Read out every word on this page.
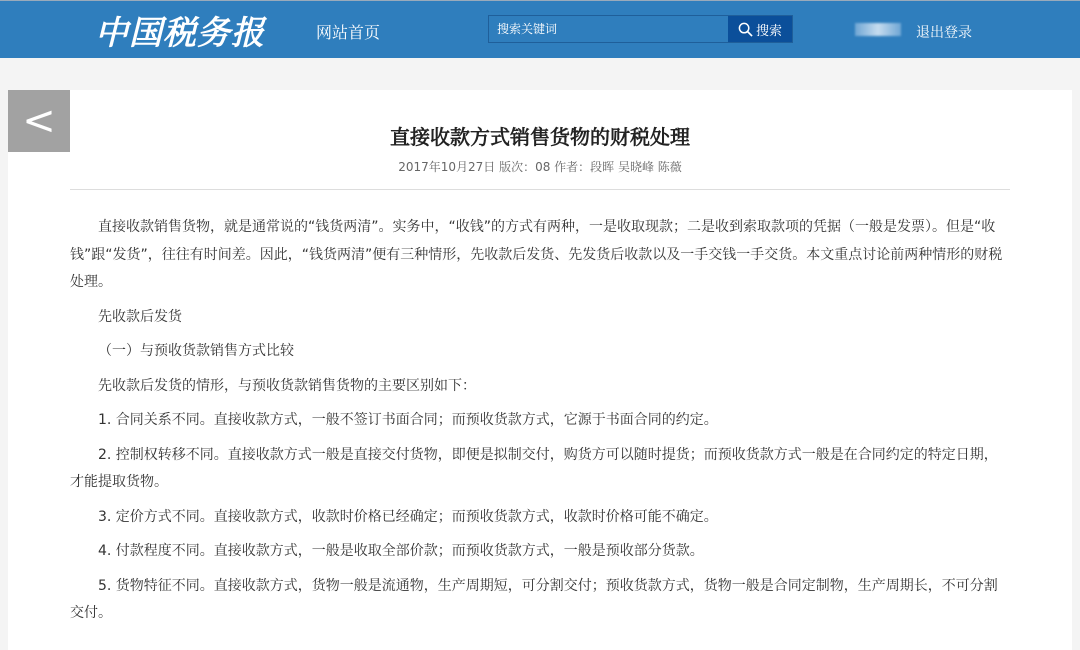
中国税务报	网站首页
搜索关键词	搜索	退出登录
<	直接收款方式销售货物的财税处理
2017年10月27日 版次：08 作者：段晖 吴晓峰 陈薇

直接收款销售货物，就是通常说的“钱货两清”。实务中，“收钱”的方式有两种，一是收取现款；二是收到索取款项的凭据（一般是发票）。但是“收钱”跟“发货”，往往有时间差。因此，“钱货两清”便有三种情形，先收款后发货、先发货后收款以及一手交钱一手交货。本文重点讨论前两种情形的财税处理。

先收款后发货

（一）与预收货款销售方式比较

先收款后发货的情形，与预收货款销售货物的主要区别如下：

1. 合同关系不同。直接收款方式，一般不签订书面合同；而预收货款方式，它源于书面合同的约定。

2. 控制权转移不同。直接收款方式一般是直接交付货物，即便是拟制交付，购货方可以随时提货；而预收货款方式一般是在合同约定的特定日期，才能提取货物。

3. 定价方式不同。直接收款方式，收款时价格已经确定；而预收货款方式，收款时价格可能不确定。

4. 付款程度不同。直接收款方式，一般是收取全部价款；而预收货款方式，一般是预收部分货款。

5. 货物特征不同。直接收款方式，货物一般是流通物，生产周期短，可分割交付；预收货款方式，货物一般是合同定制物，生产周期长，不可分割交付。
